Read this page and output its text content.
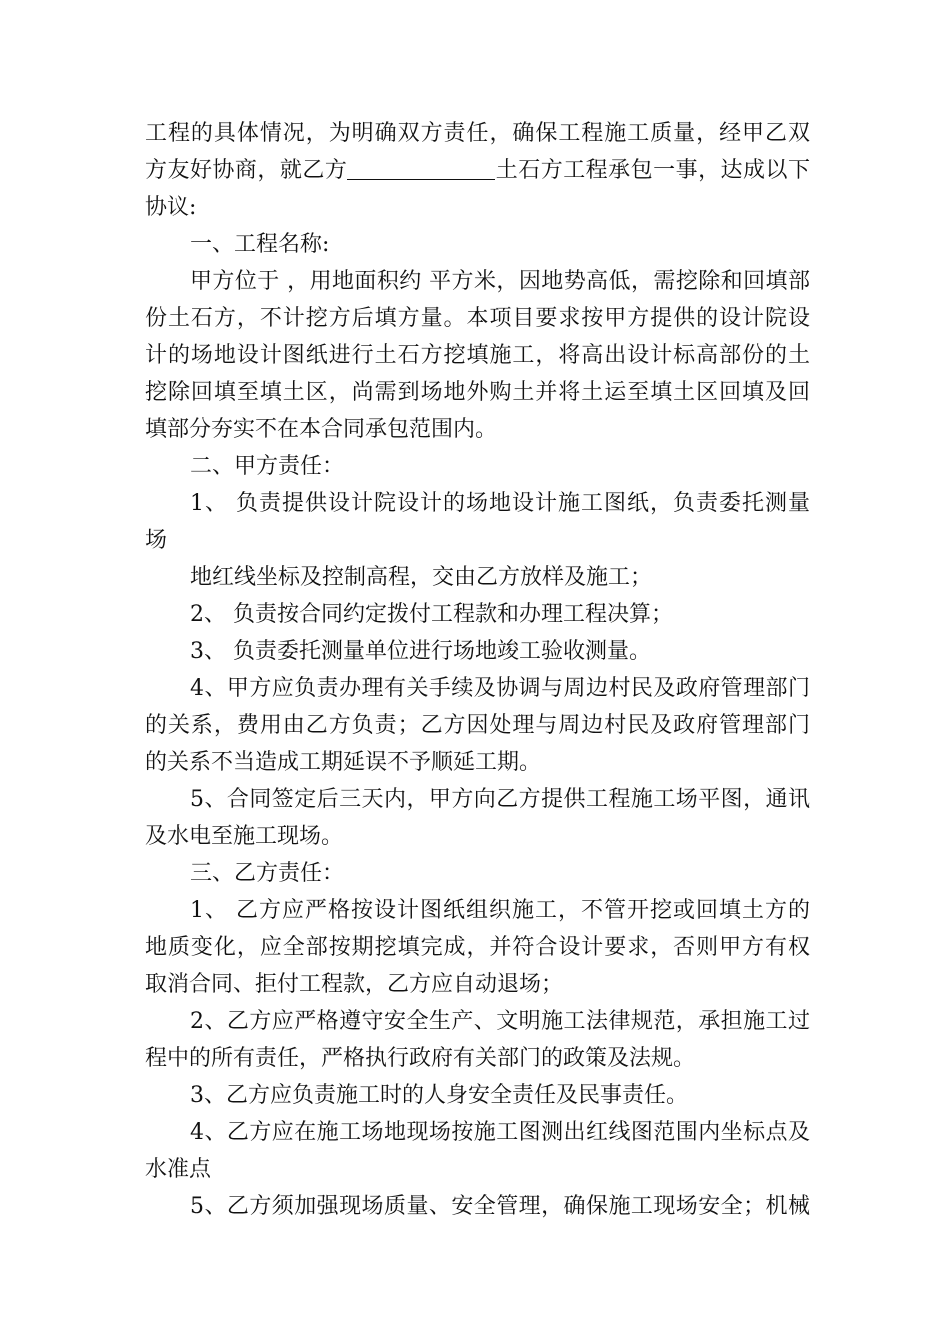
工程的具体情况，为明确双方责任，确保工程施工质量，经甲乙双
方友好协商，就乙方	土石方工程承包一事，达成以下
协议:
一、工程名称:
甲方位于 ，用地面积约 平方米，因地势高低，需挖除和回填部
份土石方，不计挖方后填方量。本项目要求按甲方提供的设计院设
计的场地设计图纸进行土石方挖填施工，将高出设计标高部份的土
挖除回填至填土区，尚需到场地外购土并将土运至填土区回填及回
填部分夯实不在本合同承包范围内。
二、甲方责任：
1、 负责提供设计院设计的场地设计施工图纸，负责委托测量
场
地红线坐标及控制高程，交由乙方放样及施工；
2、 负责按合同约定拨付工程款和办理工程决算；
3、 负责委托测量单位进行场地竣工验收测量。
4、甲方应负责办理有关手续及协调与周边村民及政府管理部门
的关系，费用由乙方负责；乙方因处理与周边村民及政府管理部门
的关系不当造成工期延误不予顺延工期。
5、合同签定后三天内，甲方向乙方提供工程施工场平图，通讯
及水电至施工现场。
三、乙方责任：
1、 乙方应严格按设计图纸组织施工，不管开挖或回填土方的
地质变化，应全部按期挖填完成，并符合设计要求，否则甲方有权
取消合同、拒付工程款，乙方应自动退场；
2、乙方应严格遵守安全生产、文明施工法律规范，承担施工过
程中的所有责任，严格执行政府有关部门的政策及法规。
3、乙方应负责施工时的人身安全责任及民事责任。
4、乙方应在施工场地现场按施工图测出红线图范围内坐标点及
水准点
5、乙方须加强现场质量、安全管理，确保施工现场安全；机械
